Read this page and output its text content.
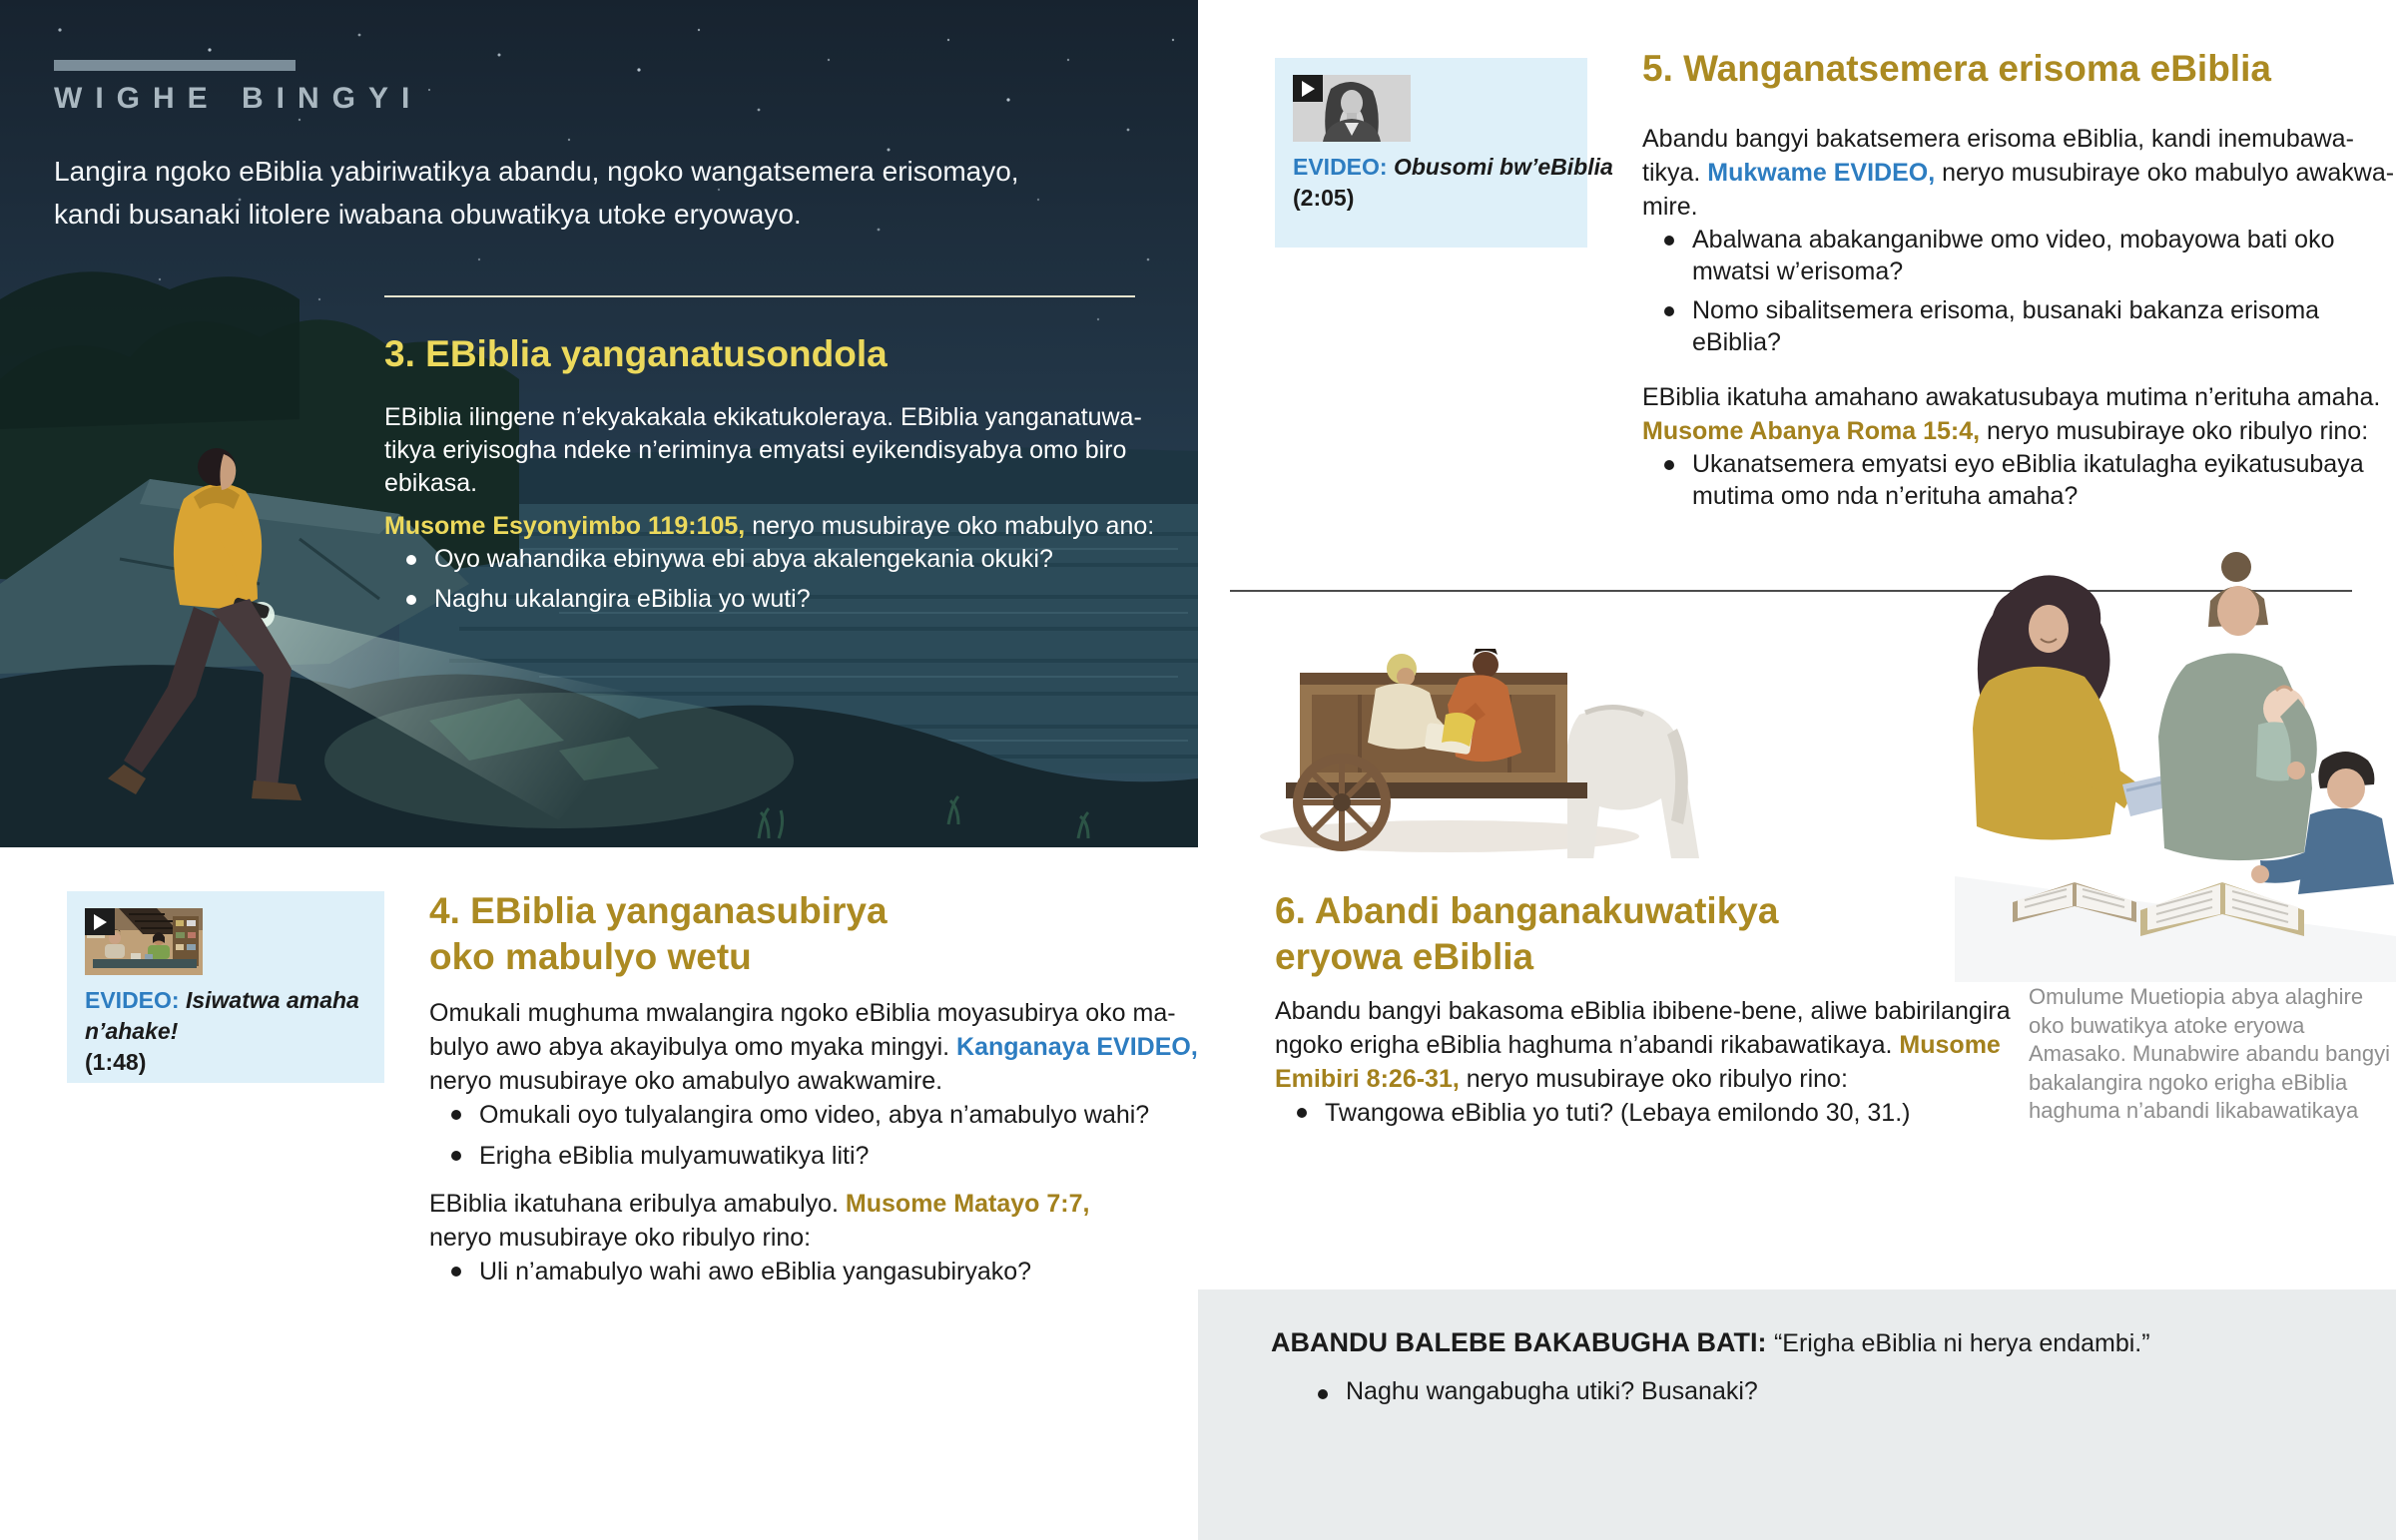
WIGHE BINGYI
Langira ngoko eBiblia yabiriwatikya abandu, ngoko wangatsemera erisomayo,
kandi busanaki litolere iwabana obuwatikya utoke eryowayo.
3. EBiblia yanganatusondola
EBiblia ilingene n’ekyakakala ekikatukoleraya. EBiblia yanganatuwa-
tikya eriyisogha ndeke n’eriminya emyatsi eyikendisyabya omo biro
ebikasa.

Musome Esyonyimbo 119:105, neryo musubiraye oko mabulyo ano:

Oyo wahandika ebinywa ebi abya akalengekania okuki?
Naghu ukalangira eBiblia yo wuti?
EVIDEO: Isiwatwa amaha
n’ahake!
(1:48)
4. EBiblia yanganasubirya
oko mabulyo wetu
Omukali mughuma mwalangira ngoko eBiblia moyasubirya oko ma-
bulyo awo abya akayibulya omo myaka mingyi. Kanganaya EVIDEO,
neryo musubiraye oko amabulyo awakwamire.
Omukali oyo tulyalangira omo video, abya n’amabulyo wahi?
Erigha eBiblia mulyamuwatikya liti?
EBiblia ikatuhana eribulya amabulyo. Musome Matayo 7:7,
neryo musubiraye oko ribulyo rino:
Uli n’amabulyo wahi awo eBiblia yangasubiryako?
EVIDEO: Obusomi bw’eBiblia
(2:05)
5. Wanganatsemera erisoma eBiblia
Abandu bangyi bakatsemera erisoma eBiblia, kandi inemubawa-
tikya. Mukwame EVIDEO, neryo musubiraye oko mabulyo awakwa-
mire.
Abalwana abakanganibwe omo video, mobayowa bati oko
mwatsi w’erisoma?
Nomo sibalitsemera erisoma, busanaki bakanza erisoma
eBiblia?
EBiblia ikatuha amahano awakatusubaya mutima n’erituha amaha.
Musome Abanya Roma 15:4, neryo musubiraye oko ribulyo rino:
Ukanatsemera emyatsi eyo eBiblia ikatulagha eyikatusubaya
mutima omo nda n’erituha amaha?
6. Abandi banganakuwatikya
eryowa eBiblia
Abandu bangyi bakasoma eBiblia ibibene-bene, aliwe babirilangira
ngoko erigha eBiblia haghuma n’abandi rikabawatikaya. Musome
Emibiri 8:26-31, neryo musubiraye oko ribulyo rino:
Twangowa eBiblia yo tuti? (Lebaya emilondo 30, 31.)
Omulume Muetiopia abya alaghire
oko buwatikya atoke eryowa
Amasako. Munabwire abandu bangyi
bakalangira ngoko erigha eBiblia
haghuma n’abandi likabawatikaya

ABANDU BALEBE BAKABUGHA BATI: “Erigha eBiblia ni herya endambi.”

Naghu wangabugha utiki? Busanaki?
